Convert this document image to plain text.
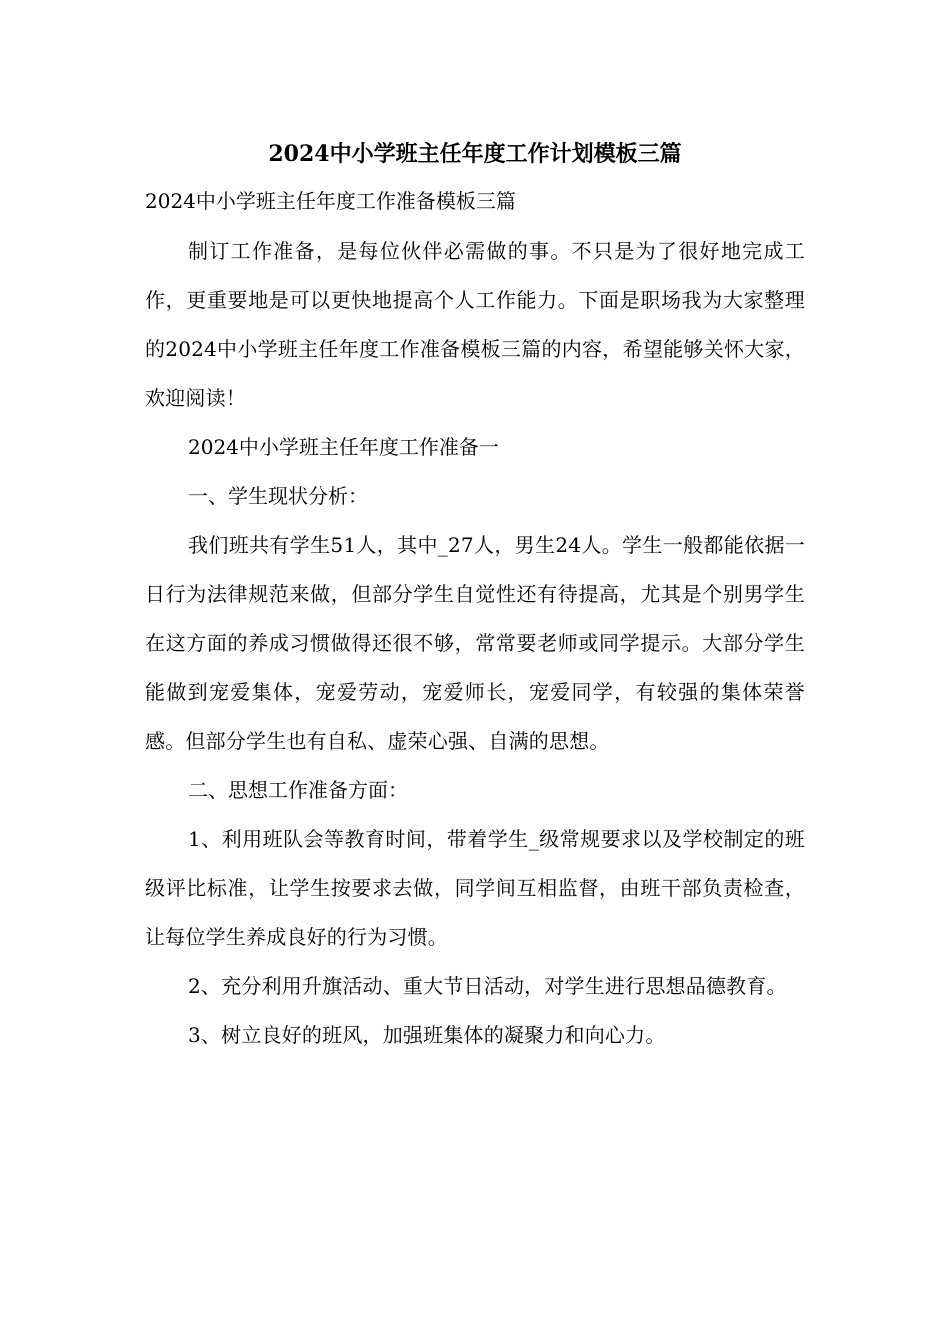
2024中小学班主任年度工作计划模板三篇

2024中小学班主任年度工作准备模板三篇

制订工作准备，是每位伙伴必需做的事。不只是为了很好地完成工作，更重要地是可以更快地提高个人工作能力。下面是职场我为大家整理的2024中小学班主任年度工作准备模板三篇的内容，希望能够关怀大家，欢迎阅读！

2024中小学班主任年度工作准备一

一、学生现状分析：

我们班共有学生51人，其中_27人，男生24人。学生一般都能依据一日行为法律规范来做，但部分学生自觉性还有待提高，尤其是个别男学生在这方面的养成习惯做得还很不够，常常要老师或同学提示。大部分学生能做到宠爱集体，宠爱劳动，宠爱师长，宠爱同学，有较强的集体荣誉感。但部分学生也有自私、虚荣心强、自满的思想。

二、思想工作准备方面：

1、利用班队会等教育时间，带着学生_级常规要求以及学校制定的班级评比标准，让学生按要求去做，同学间互相监督，由班干部负责检查，让每位学生养成良好的行为习惯。

2、充分利用升旗活动、重大节日活动，对学生进行思想品德教育。

3、树立良好的班风，加强班集体的凝聚力和向心力。
